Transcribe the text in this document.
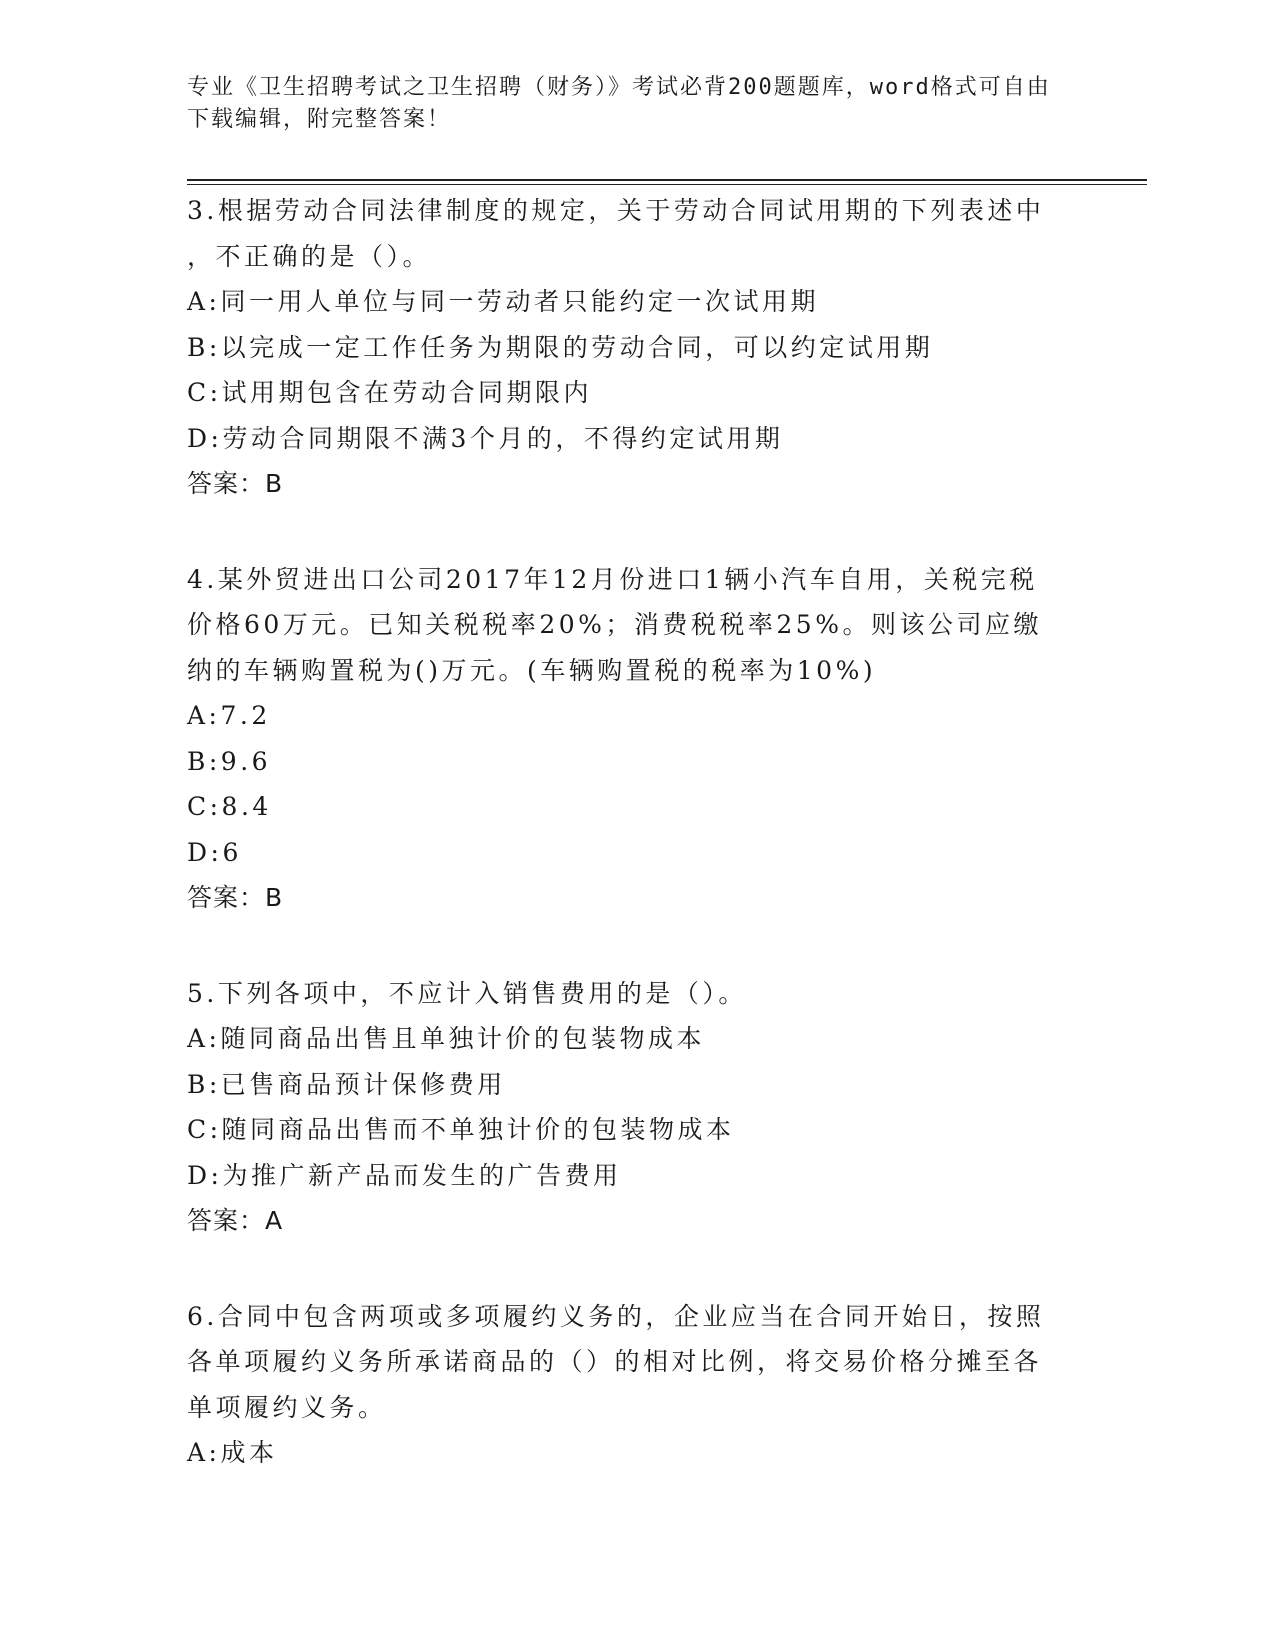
专业《卫生招聘考试之卫生招聘（财务）》考试必背200题题库，word格式可自由下载编辑，附完整答案！

3.根据劳动合同法律制度的规定，关于劳动合同试用期的下列表述中

，不正确的是（）。

A:同一用人单位与同一劳动者只能约定一次试用期

B:以完成一定工作任务为期限的劳动合同，可以约定试用期

C:试用期包含在劳动合同期限内

D:劳动合同期限不满3个月的，不得约定试用期

答案：B

4.某外贸进出口公司2017年12月份进口1辆小汽车自用，关税完税

价格60万元。已知关税税率20%；消费税税率25%。则该公司应缴

纳的车辆购置税为()万元。(车辆购置税的税率为10%)

A:7.2

B:9.6

C:8.4

D:6

答案：B

5.下列各项中，不应计入销售费用的是（）。

A:随同商品出售且单独计价的包装物成本

B:已售商品预计保修费用

C:随同商品出售而不单独计价的包装物成本

D:为推广新产品而发生的广告费用

答案：A

6.合同中包含两项或多项履约义务的，企业应当在合同开始日，按照

各单项履约义务所承诺商品的（）的相对比例，将交易价格分摊至各

单项履约义务。

A:成本
